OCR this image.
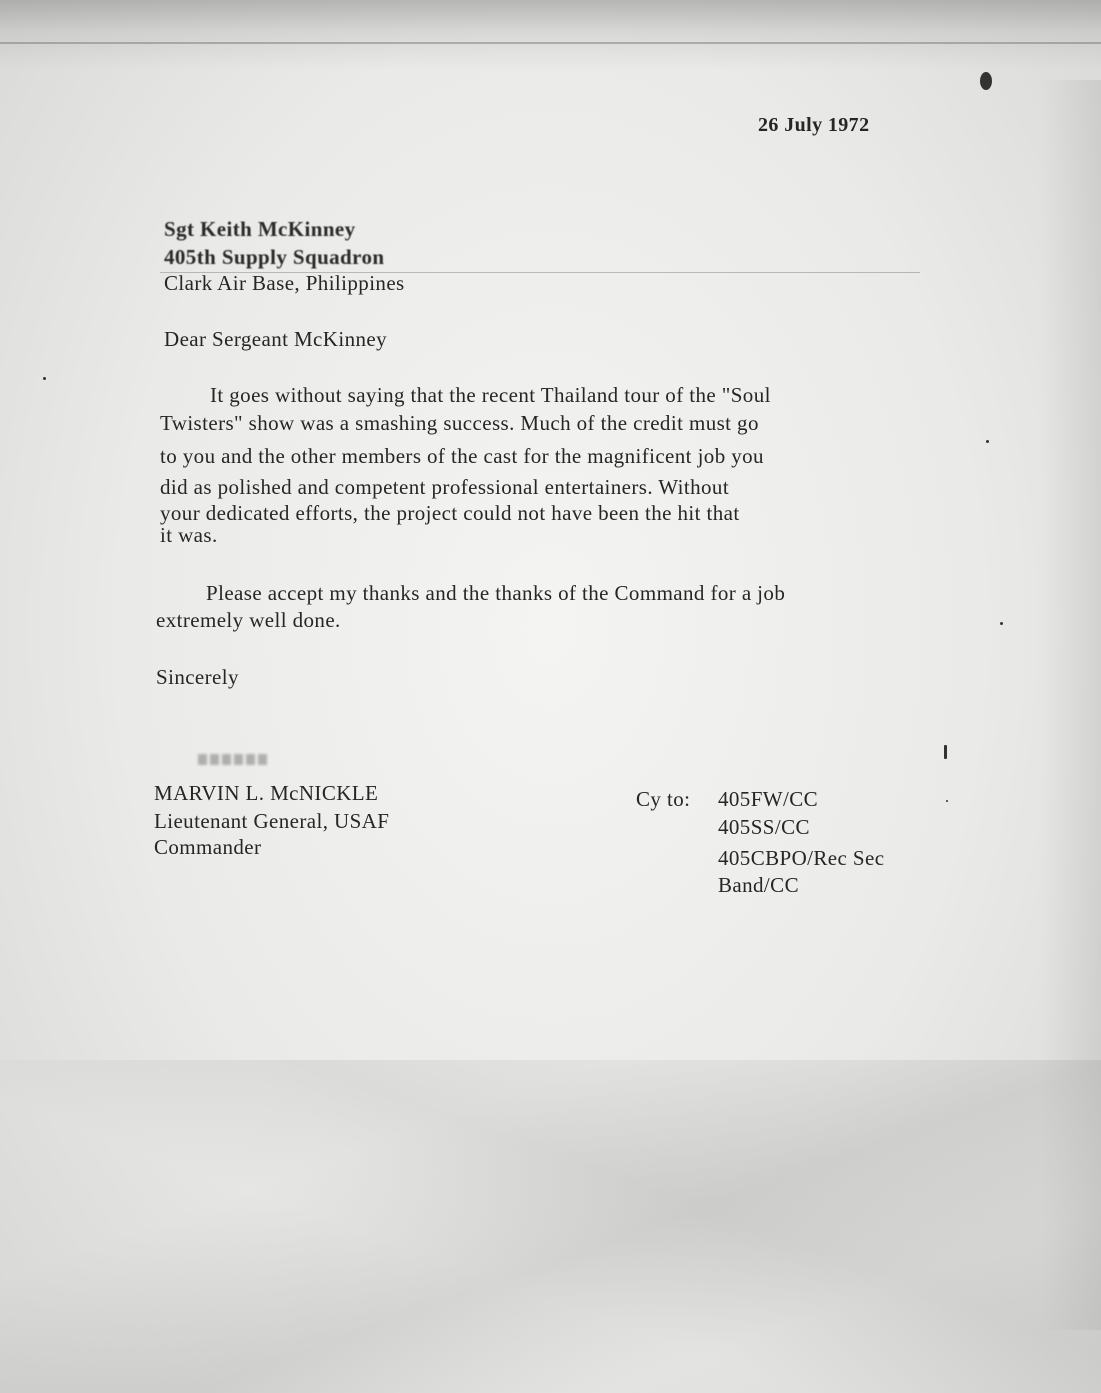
26 July 1972
Sgt Keith McKinney
405th Supply Squadron
Clark Air Base, Philippines
Dear Sergeant McKinney
It goes without saying that the recent Thailand tour of the "Soul
Twisters" show was a smashing success. Much of the credit must go
to you and the other members of the cast for the magnificent job you
did as polished and competent professional entertainers. Without
your dedicated efforts, the project could not have been the hit that
it was.
Please accept my thanks and the thanks of the Command for a job
extremely well done.
Sincerely
MARVIN L. McNICKLE
Lieutenant General, USAF
Commander
Cy to: 405FW/CC
405SS/CC
405CBPO/Rec Sec
Band/CC
